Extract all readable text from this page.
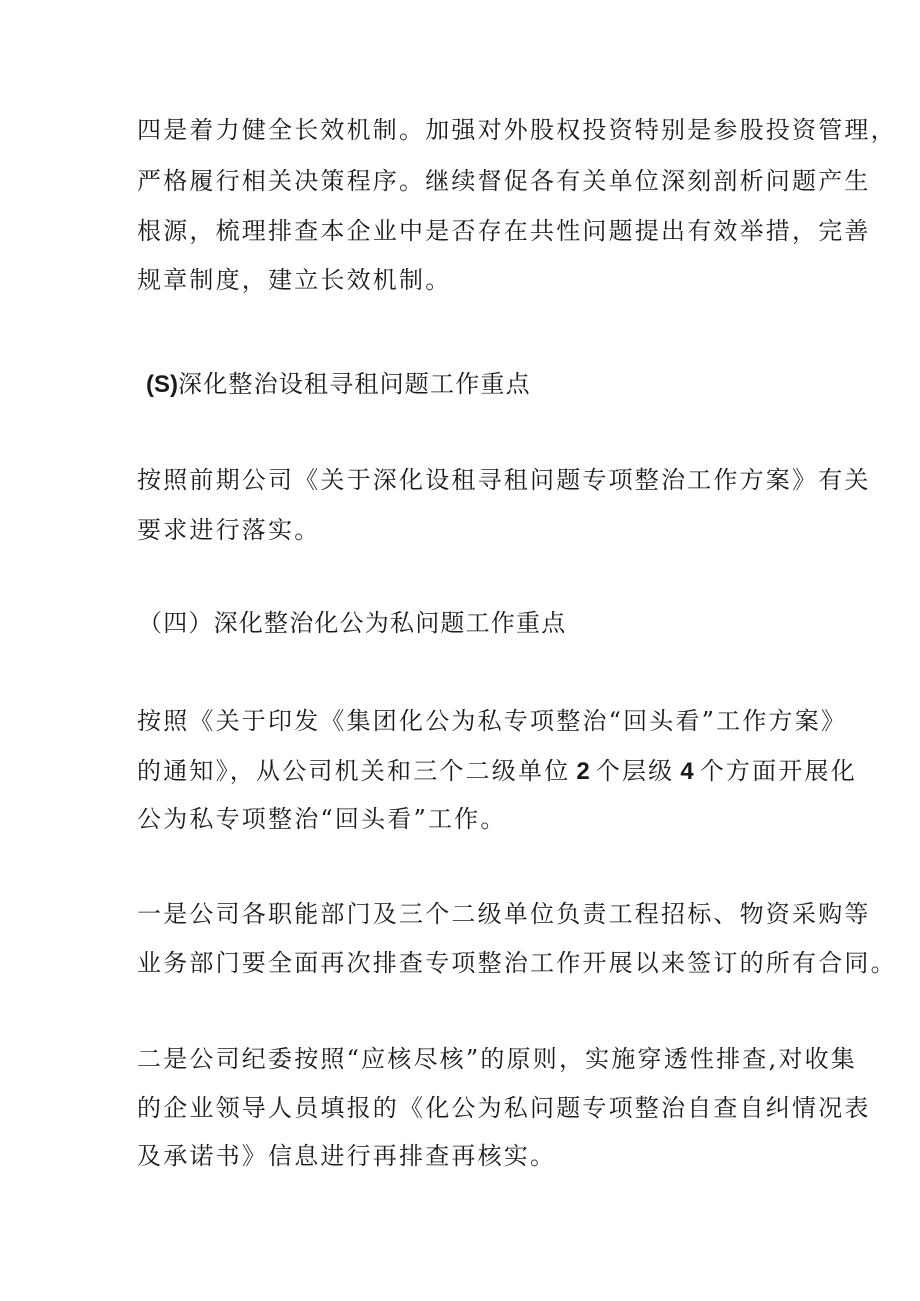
四是着力健全长效机制。加强对外股权投资特别是参股投资管理，
严格履行相关决策程序。继续督促各有关单位深刻剖析问题产生
根源，梳理排查本企业中是否存在共性问题提出有效举措，完善
规章制度，建立长效机制。
(S)深化整治设租寻租问题工作重点
按照前期公司《关于深化设租寻租问题专项整治工作方案》有关
要求进行落实。
（四）深化整治化公为私问题工作重点
按照《关于印发《集团化公为私专项整治“回头看”工作方案》
的通知》，从公司机关和三个二级单位 2 个层级 4 个方面开展化
公为私专项整治“回头看”工作。
一是公司各职能部门及三个二级单位负责工程招标、物资采购等
业务部门要全面再次排查专项整治工作开展以来签订的所有合同。
二是公司纪委按照“应核尽核”的原则，实施穿透性排查,对收集
的企业领导人员填报的《化公为私问题专项整治自查自纠情况表
及承诺书》信息进行再排查再核实。
